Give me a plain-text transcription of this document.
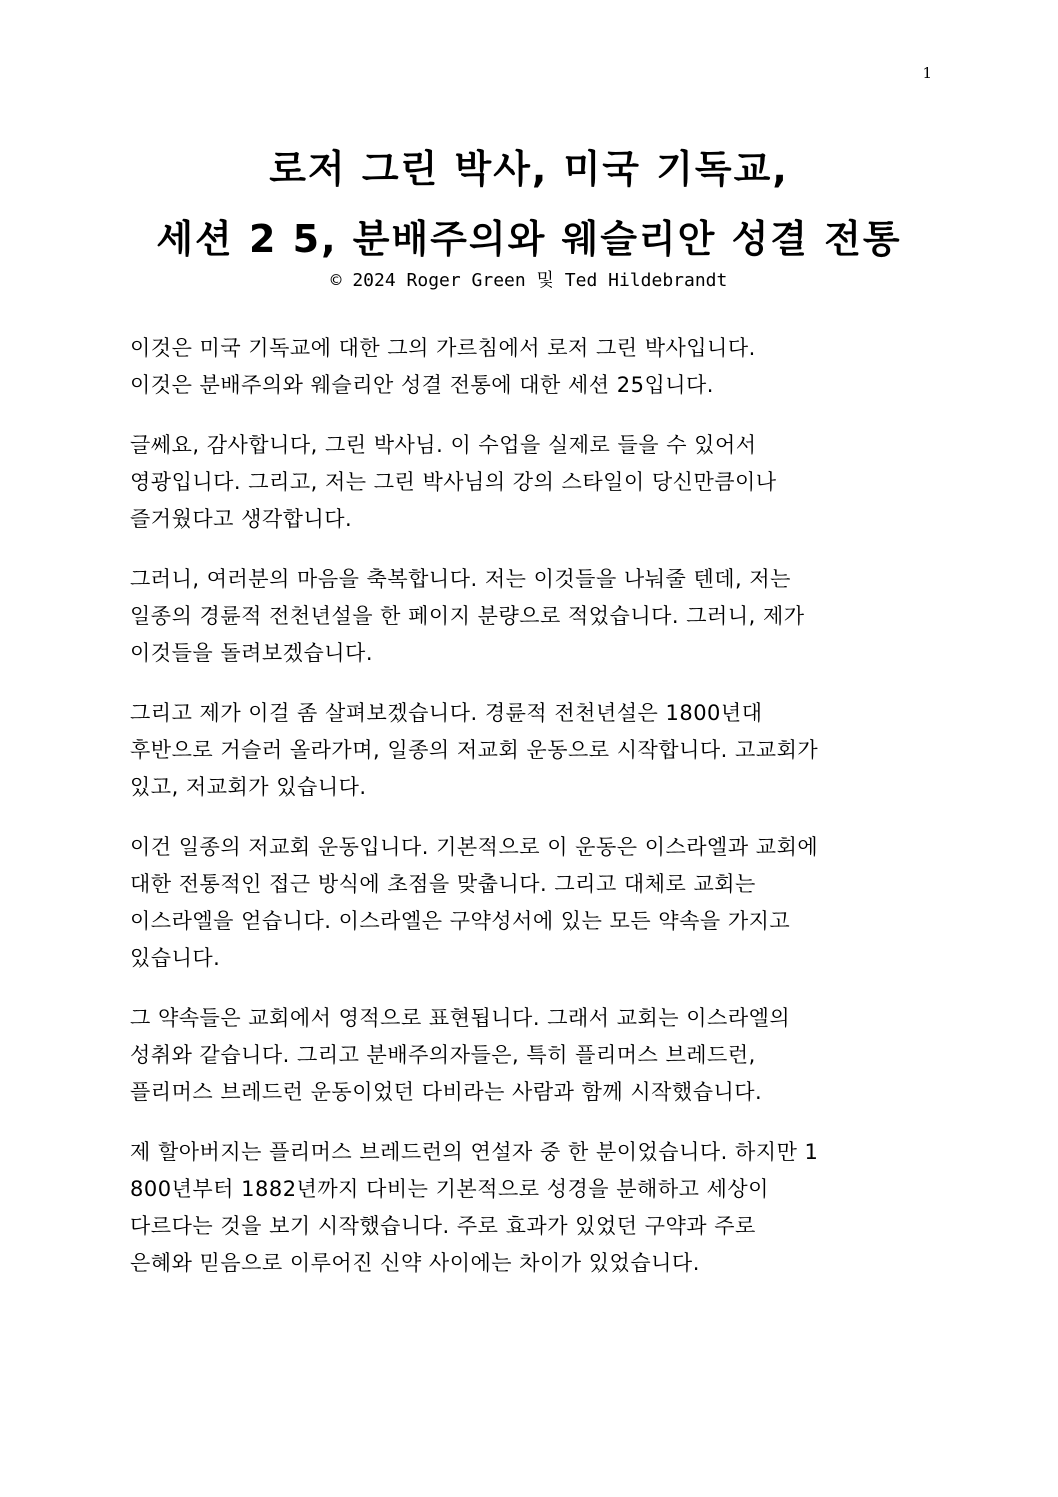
1
로저 그린 박사, 미국 기독교,
세션 2 5, 분배주의와 웨슬리안 성결 전통
© 2024 Roger Green 및 Ted Hildebrandt
이것은 미국 기독교에 대한 그의 가르침에서 로저 그린 박사입니다.
이것은 분배주의와 웨슬리안 성결 전통에 대한 세션 25입니다.
글쎄요, 감사합니다, 그린 박사님. 이 수업을 실제로 들을 수 있어서
영광입니다. 그리고, 저는 그린 박사님의 강의 스타일이 당신만큼이나
즐거웠다고 생각합니다.
그러니, 여러분의 마음을 축복합니다. 저는 이것들을 나눠줄 텐데, 저는
일종의 경륜적 전천년설을 한 페이지 분량으로 적었습니다. 그러니, 제가
이것들을 돌려보겠습니다.
그리고 제가 이걸 좀 살펴보겠습니다. 경륜적 전천년설은 1800년대
후반으로 거슬러 올라가며, 일종의 저교회 운동으로 시작합니다. 고교회가
있고, 저교회가 있습니다.
이건 일종의 저교회 운동입니다. 기본적으로 이 운동은 이스라엘과 교회에
대한 전통적인 접근 방식에 초점을 맞춥니다. 그리고 대체로 교회는
이스라엘을 얻습니다. 이스라엘은 구약성서에 있는 모든 약속을 가지고
있습니다.
그 약속들은 교회에서 영적으로 표현됩니다. 그래서 교회는 이스라엘의
성취와 같습니다. 그리고 분배주의자들은, 특히 플리머스 브레드런,
플리머스 브레드런 운동이었던 다비라는 사람과 함께 시작했습니다.
제 할아버지는 플리머스 브레드런의 연설자 중 한 분이었습니다. 하지만 1
800년부터 1882년까지 다비는 기본적으로 성경을 분해하고 세상이
다르다는 것을 보기 시작했습니다. 주로 효과가 있었던 구약과 주로
은혜와 믿음으로 이루어진 신약 사이에는 차이가 있었습니다.
